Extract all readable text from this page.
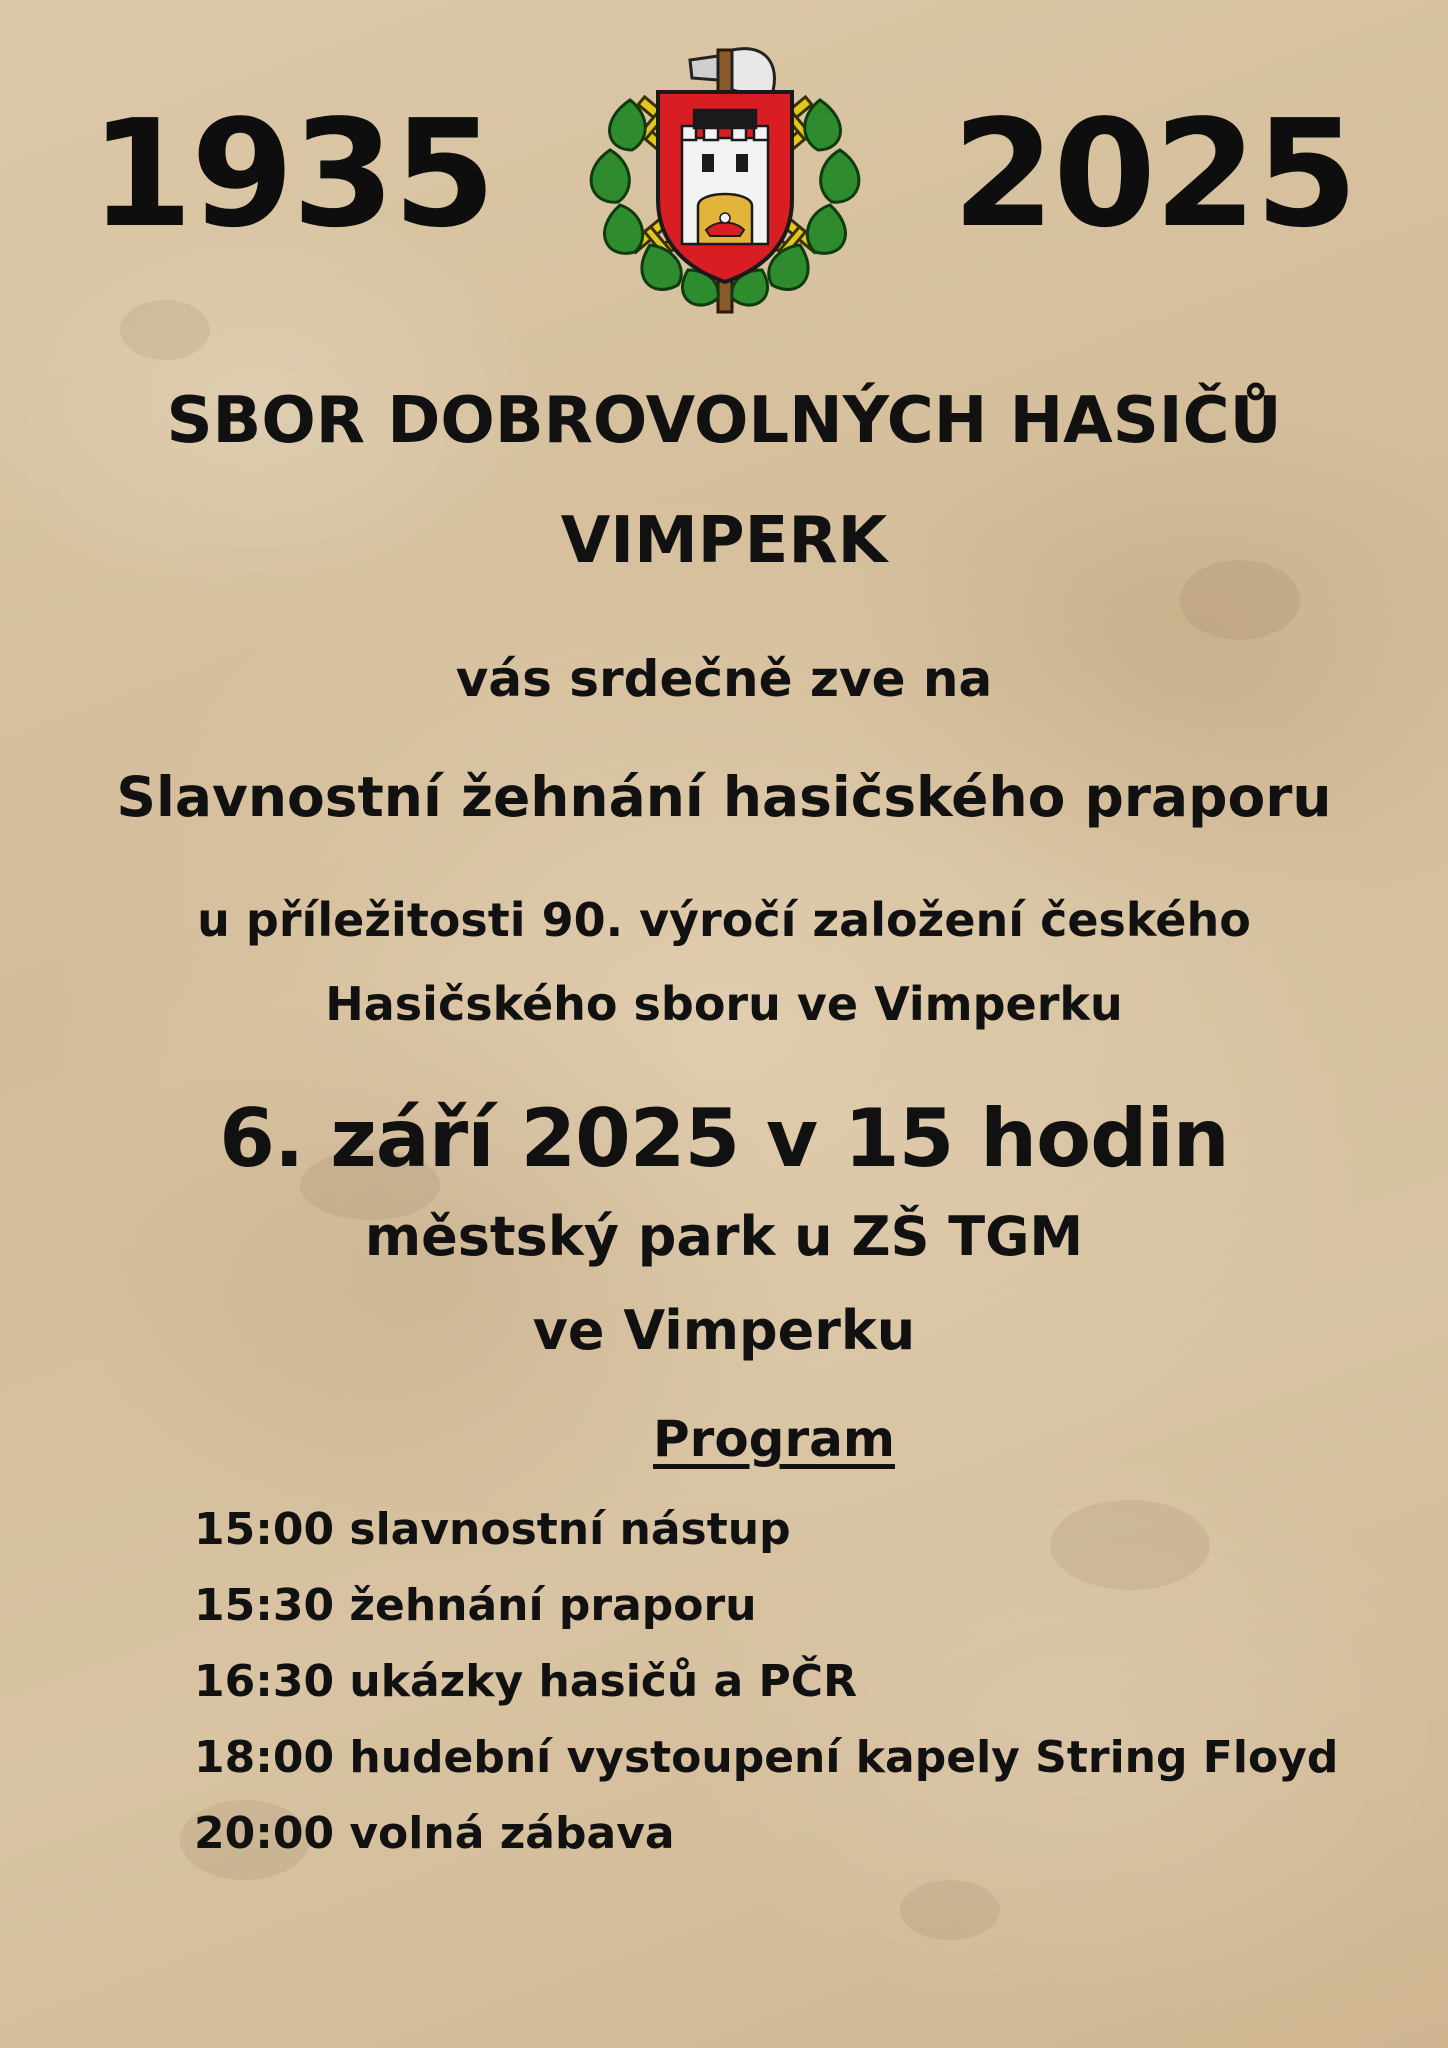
1935	2025
SBOR DOBROVOLNÝCH HASIČŮ
VIMPERK
vás srdečně zve na
Slavnostní žehnání hasičského praporu
u příležitosti 90. výročí založení českého
Hasičského sboru ve Vimperku
6. září 2025 v 15 hodin
městský park u ZŠ TGM
ve Vimperku
Program
15:00 slavnostní nástup
15:30 žehnání praporu
16:30 ukázky hasičů a PČR
18:00 hudební vystoupení kapely String Floyd
20:00 volná zábava
